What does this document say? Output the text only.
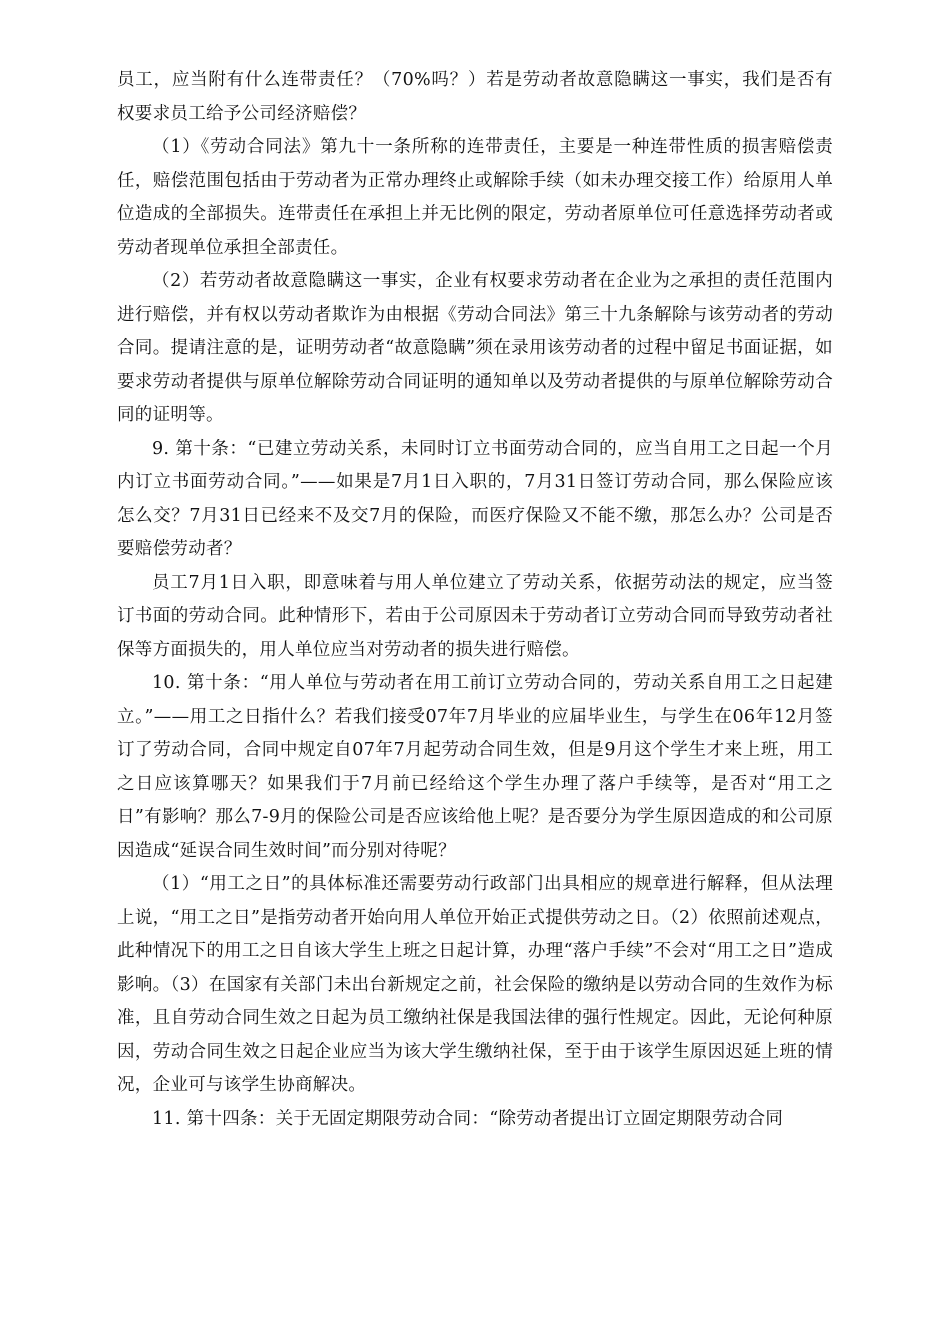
员工，应当附有什么连带责任？（70%吗？）若是劳动者故意隐瞒这一事实，我们是否有权要求员工给予公司经济赔偿？

（1）《劳动合同法》第九十一条所称的连带责任，主要是一种连带性质的损害赔偿责任，赔偿范围包括由于劳动者为正常办理终止或解除手续（如未办理交接工作）给原用人单位造成的全部损失。连带责任在承担上并无比例的限定，劳动者原单位可任意选择劳动者或劳动者现单位承担全部责任。

（2）若劳动者故意隐瞒这一事实，企业有权要求劳动者在企业为之承担的责任范围内进行赔偿，并有权以劳动者欺诈为由根据《劳动合同法》第三十九条解除与该劳动者的劳动合同。提请注意的是，证明劳动者“故意隐瞒”须在录用该劳动者的过程中留足书面证据，如要求劳动者提供与原单位解除劳动合同证明的通知单以及劳动者提供的与原单位解除劳动合同的证明等。

9. 第十条：“已建立劳动关系，未同时订立书面劳动合同的，应当自用工之日起一个月内订立书面劳动合同。”——如果是7月1日入职的，7月31日签订劳动合同，那么保险应该怎么交？7月31日已经来不及交7月的保险，而医疗保险又不能不缴，那怎么办？公司是否要赔偿劳动者？

员工7月1日入职，即意味着与用人单位建立了劳动关系，依据劳动法的规定，应当签订书面的劳动合同。此种情形下，若由于公司原因未于劳动者订立劳动合同而导致劳动者社保等方面损失的，用人单位应当对劳动者的损失进行赔偿。

10. 第十条：“用人单位与劳动者在用工前订立劳动合同的，劳动关系自用工之日起建立。”——用工之日指什么？若我们接受07年7月毕业的应届毕业生，与学生在06年12月签订了劳动合同，合同中规定自07年7月起劳动合同生效，但是9月这个学生才来上班，用工之日应该算哪天？如果我们于7月前已经给这个学生办理了落户手续等，是否对“用工之日”有影响？那么7-9月的保险公司是否应该给他上呢？是否要分为学生原因造成的和公司原因造成“延误合同生效时间”而分别对待呢？

（1）“用工之日”的具体标准还需要劳动行政部门出具相应的规章进行解释，但从法理上说，“用工之日”是指劳动者开始向用人单位开始正式提供劳动之日。（2）依照前述观点，此种情况下的用工之日自该大学生上班之日起计算，办理“落户手续”不会对“用工之日”造成影响。（3）在国家有关部门未出台新规定之前，社会保险的缴纳是以劳动合同的生效作为标准，且自劳动合同生效之日起为员工缴纳社保是我国法律的强行性规定。因此，无论何种原因，劳动合同生效之日起企业应当为该大学生缴纳社保，至于由于该学生原因迟延上班的情况，企业可与该学生协商解决。

11. 第十四条：关于无固定期限劳动合同：“除劳动者提出订立固定期限劳动合同
